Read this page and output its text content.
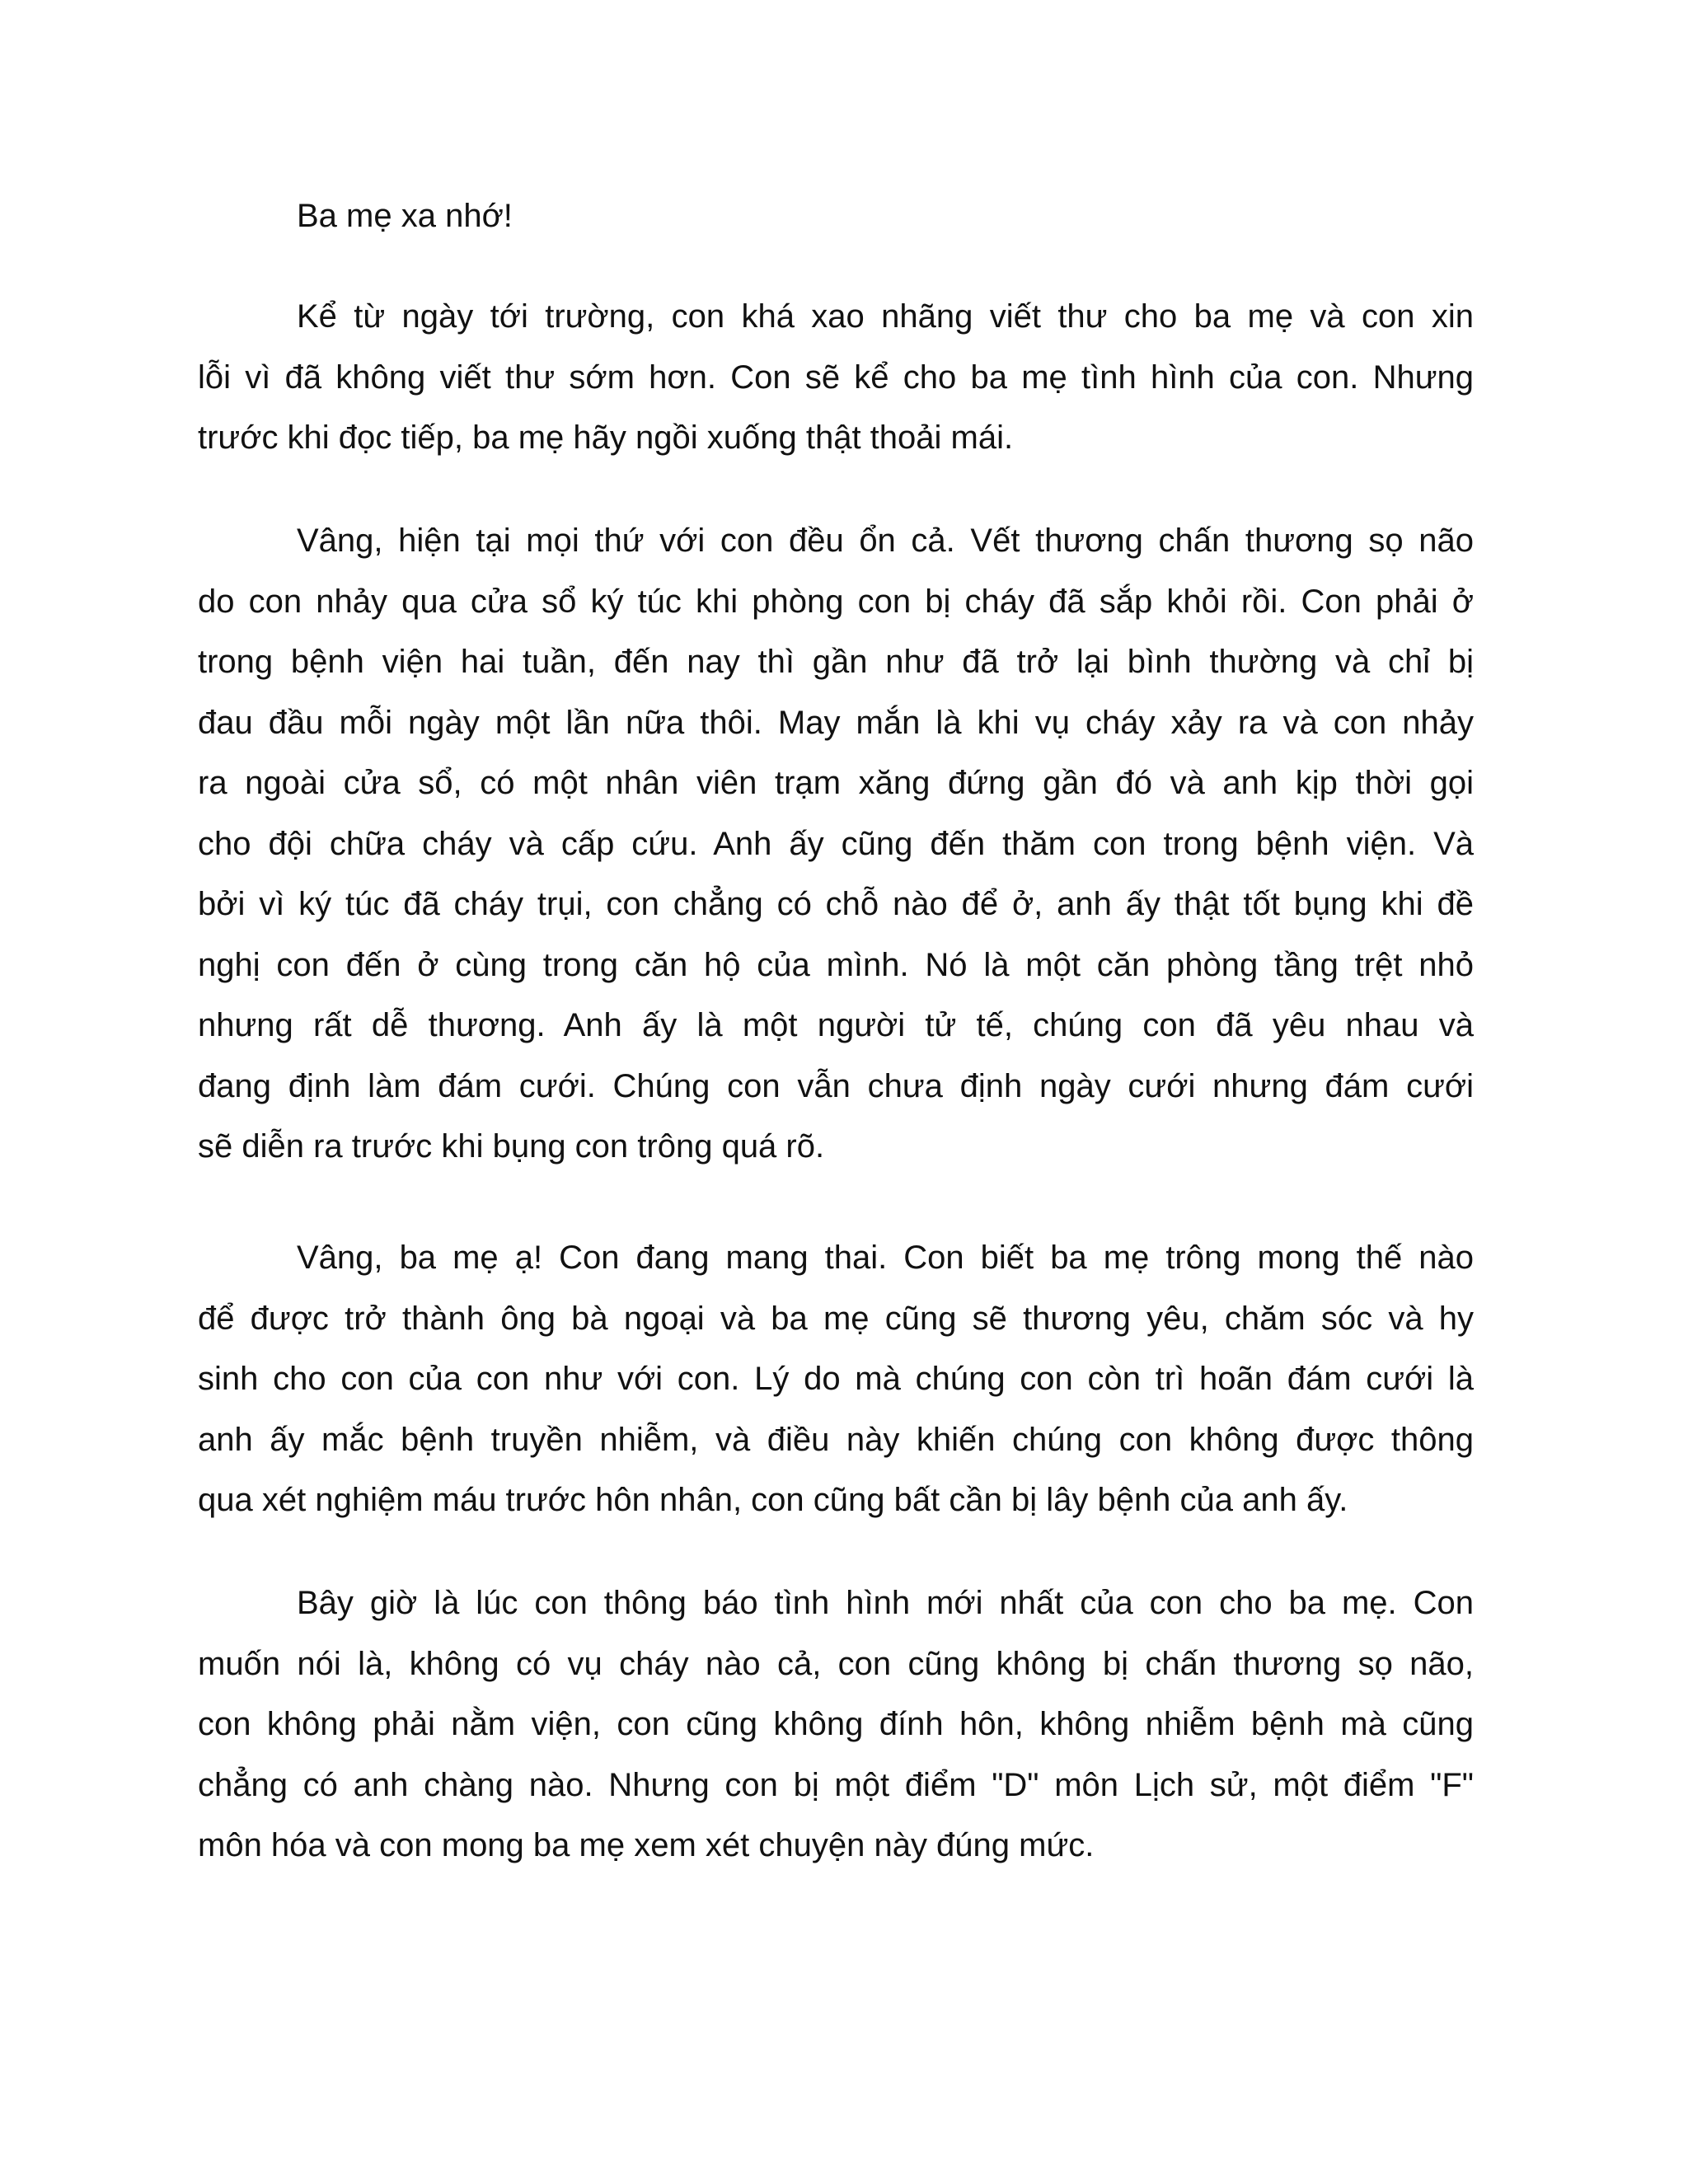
Ba mẹ xa nhớ!

Kể từ ngày tới trường, con khá xao nhãng viết thư cho ba mẹ và con xin
lỗi vì đã không viết thư sớm hơn. Con sẽ kể cho ba mẹ tình hình của con. Nhưng
trước khi đọc tiếp, ba mẹ hãy ngồi xuống thật thoải mái.
Vâng, hiện tại mọi thứ với con đều ổn cả. Vết thương chấn thương sọ não
do con nhảy qua cửa sổ ký túc khi phòng con bị cháy đã sắp khỏi rồi. Con phải ở
trong bệnh viện hai tuần, đến nay thì gần như đã trở lại bình thường và chỉ bị
đau đầu mỗi ngày một lần nữa thôi. May mắn là khi vụ cháy xảy ra và con nhảy
ra ngoài cửa sổ, có một nhân viên trạm xăng đứng gần đó và anh kịp thời gọi
cho đội chữa cháy và cấp cứu. Anh ấy cũng đến thăm con trong bệnh viện. Và
bởi vì ký túc đã cháy trụi, con chẳng có chỗ nào để ở, anh ấy thật tốt bụng khi đề
nghị con đến ở cùng trong căn hộ của mình. Nó là một căn phòng tầng trệt nhỏ
nhưng rất dễ thương. Anh ấy là một người tử tế, chúng con đã yêu nhau và
đang định làm đám cưới. Chúng con vẫn chưa định ngày cưới nhưng đám cưới
sẽ diễn ra trước khi bụng con trông quá rõ.
Vâng, ba mẹ ạ! Con đang mang thai. Con biết ba mẹ trông mong thế nào
để được trở thành ông bà ngoại và ba mẹ cũng sẽ thương yêu, chăm sóc và hy
sinh cho con của con như với con. Lý do mà chúng con còn trì hoãn đám cưới là
anh ấy mắc bệnh truyền nhiễm, và điều này khiến chúng con không được thông
qua xét nghiệm máu trước hôn nhân, con cũng bất cần bị lây bệnh của anh ấy.
Bây giờ là lúc con thông báo tình hình mới nhất của con cho ba mẹ. Con
muốn nói là, không có vụ cháy nào cả, con cũng không bị chấn thương sọ não,
con không phải nằm viện, con cũng không đính hôn, không nhiễm bệnh mà cũng
chẳng có anh chàng nào. Nhưng con bị một điểm "D" môn Lịch sử, một điểm "F"
môn hóa và con mong ba mẹ xem xét chuyện này đúng mức.
